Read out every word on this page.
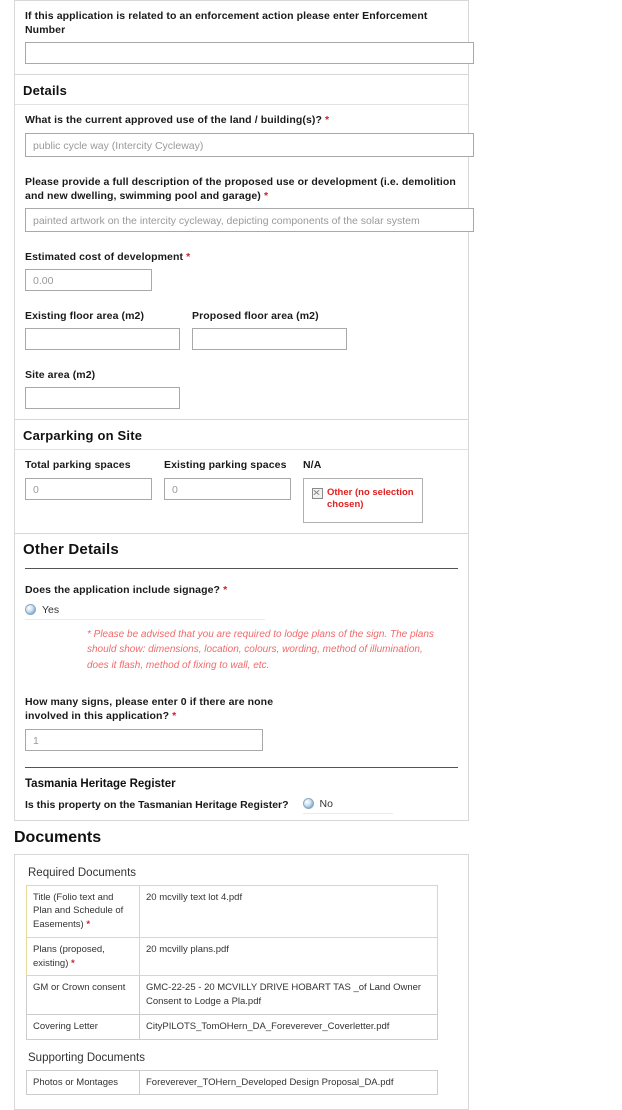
If this application is related to an enforcement action please enter Enforcement Number
Details
What is the current approved use of the land / building(s)? *
public cycle way (Intercity Cycleway)
Please provide a full description of the proposed use or development (i.e. demolition and new dwelling, swimming pool and garage) *
painted artwork on the intercity cycleway, depicting components of the solar system
Estimated cost of development *
0.00
Existing floor area (m2)	Proposed floor area (m2)
Site area (m2)
Carparking on Site
Total parking spaces
0
Existing parking spaces
0
N/A
Other (no selection chosen)
Other Details
Does the application include signage? *
Yes
* Please be advised that you are required to lodge plans of the sign. The plans should show: dimensions, location, colours, wording, method of illumination, does it flash, method of fixing to wall, etc.
How many signs, please enter 0 if there are none involved in this application? *
1
Tasmania Heritage Register
Is this property on the Tasmanian Heritage Register?	No
Documents
Required Documents
Title (Folio text and Plan and Schedule of Easements) *	20 mcvilly text lot 4.pdf
Plans (proposed, existing) *	20 mcvilly plans.pdf
GM or Crown consent	GMC-22-25 - 20 MCVILLY DRIVE HOBART TAS _of Land Owner Consent to Lodge a Pla.pdf
Covering Letter	CityPILOTS_TomOHern_DA_Foreverever_Coverletter.pdf
Supporting Documents
Photos or Montages	Foreverever_TOHern_Developed Design Proposal_DA.pdf
